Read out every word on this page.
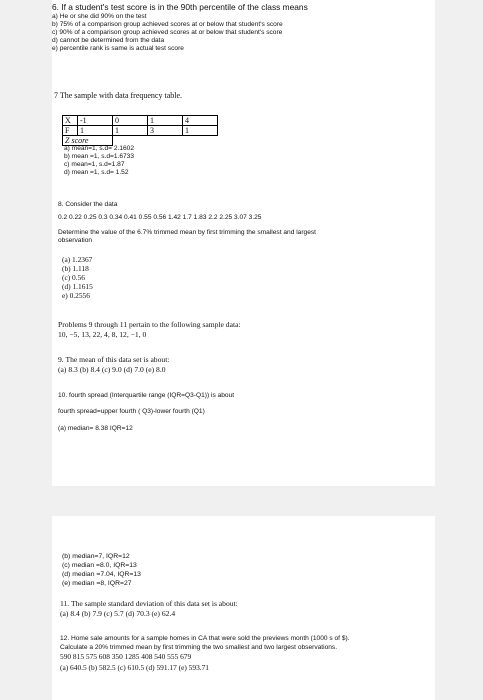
6. If a student's test score is in the 90th percentile of the class means
a) He or she did 90% on the test
b) 75% of a comparison group achieved scores at or below that student's score
c) 90% of a comparison group achieved scores at or below that student's score
d) cannot be determined from the data
e) percentile rank is same is actual test score
7 The sample with data frequency table.
X	-1	0	1	4
F	1	1	3	1
Z score				
a) mean=1, s.d= 2.1602
b) mean =1, s.d=1.6733
c) mean=1, s.d=1.87
d) mean =1, s.d= 1.52
8. Consider the data
0.2 0.22 0.25 0.3 0.34 0.41 0.55 0.56 1.42 1.7 1.83 2.2 2.25 3.07 3.25
Determine the value of the 6.7% trimmed mean by first trimming the smallest and largest
observation
(a) 1.2367
(b) 1.118
(c) 0.56
(d) 1.1615
e) 0.2556
Problems 9 through 11 pertain to the following sample data:
10, −5, 13, 22, 4, 8, 12, −1, 0
9. The mean of this data set is about:
(a) 8.3 (b) 8.4 (c) 9.0 (d) 7.0 (e) 8.0
10. fourth spread (Interquartile range (IQR=Q3-Q1)) is about
fourth spread=upper fourth ( Q3)-lower fourth (Q1)
(a) median= 8.38 IQR=12
(b) median=7, IQR=12
(c) median =8.0, IQR=13
(d) median =7.04, IQR=13
(e) median =8, IQR=27
11. The sample standard deviation of this data set is about:
(a) 8.4 (b) 7.9 (c) 5.7 (d) 70.3 (e) 62.4
12. Home sale amounts for a sample homes in CA that were sold the previews month (1000 s of $).
Calculate a 20% trimmed mean by first trimming the two smallest and two largest observations.
590 815 575 608 350 1285 408 540 555 679
(a) 640.5 (b) 582.5 (c) 610.5 (d) 591.17 (e) 593.71
